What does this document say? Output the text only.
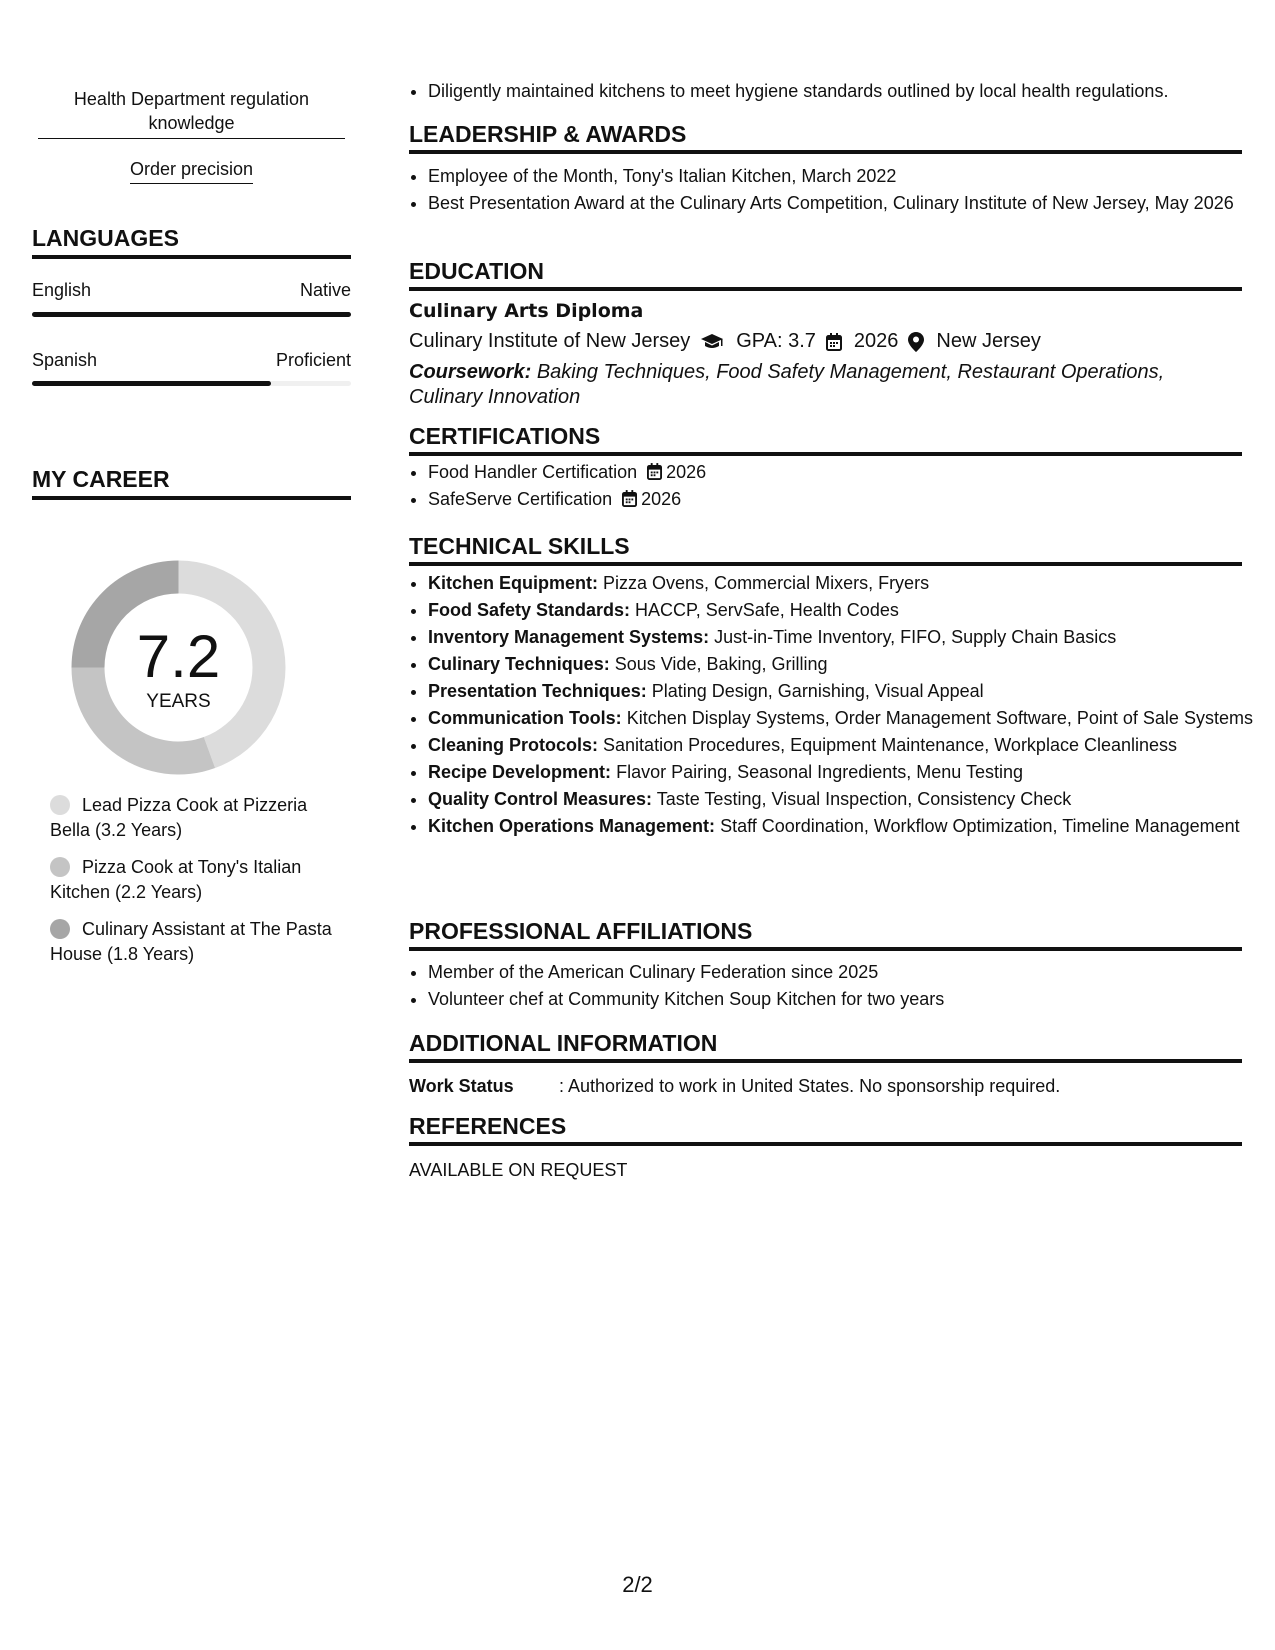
Health Department regulation knowledge
Order precision
LANGUAGES
English	Native
Spanish	Proficient
MY CAREER
7.2
YEARS
Lead Pizza Cook at Pizzeria Bella (3.2 Years)
Pizza Cook at Tony's Italian Kitchen (2.2 Years)
Culinary Assistant at The Pasta House (1.8 Years)
• Diligently maintained kitchens to meet hygiene standards outlined by local health regulations.
LEADERSHIP & AWARDS
• Employee of the Month, Tony's Italian Kitchen, March 2022
• Best Presentation Award at the Culinary Arts Competition, Culinary Institute of New Jersey, May 2026
EDUCATION
Culinary Arts Diploma
Culinary Institute of New Jersey GPA: 3.7 2026 New Jersey
Coursework: Baking Techniques, Food Safety Management, Restaurant Operations, Culinary Innovation
CERTIFICATIONS
• Food Handler Certification 2026
• SafeServe Certification 2026
TECHNICAL SKILLS
• Kitchen Equipment: Pizza Ovens, Commercial Mixers, Fryers
• Food Safety Standards: HACCP, ServSafe, Health Codes
• Inventory Management Systems: Just-in-Time Inventory, FIFO, Supply Chain Basics
• Culinary Techniques: Sous Vide, Baking, Grilling
• Presentation Techniques: Plating Design, Garnishing, Visual Appeal
• Communication Tools: Kitchen Display Systems, Order Management Software, Point of Sale Systems
• Cleaning Protocols: Sanitation Procedures, Equipment Maintenance, Workplace Cleanliness
• Recipe Development: Flavor Pairing, Seasonal Ingredients, Menu Testing
• Quality Control Measures: Taste Testing, Visual Inspection, Consistency Check
• Kitchen Operations Management: Staff Coordination, Workflow Optimization, Timeline Management
PROFESSIONAL AFFILIATIONS
• Member of the American Culinary Federation since 2025
• Volunteer chef at Community Kitchen Soup Kitchen for two years
ADDITIONAL INFORMATION
Work Status	: Authorized to work in United States. No sponsorship required.
REFERENCES
AVAILABLE ON REQUEST
2/2
